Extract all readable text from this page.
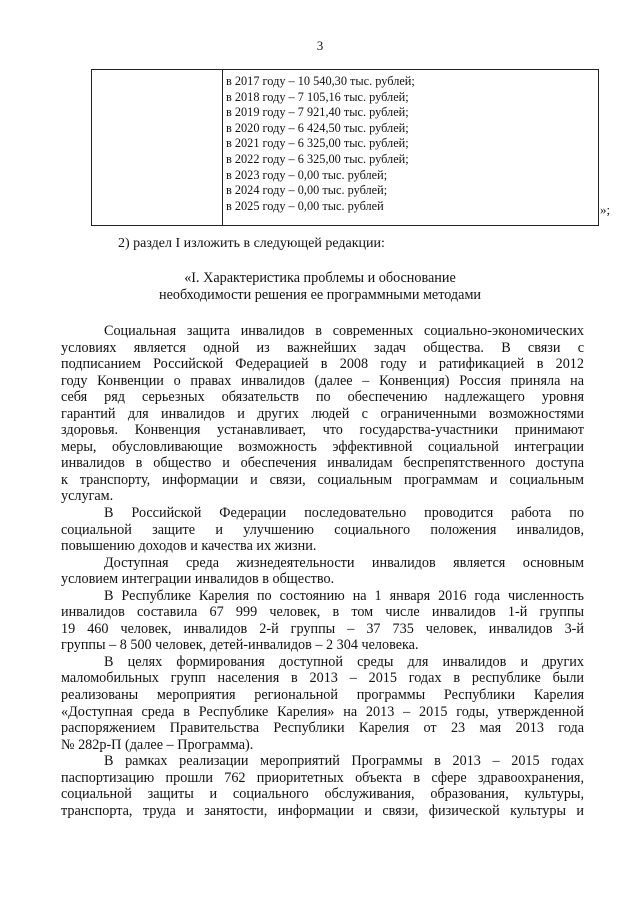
3
в 2017 году – 10 540,30 тыс. рублей;
в 2018 году – 7 105,16 тыс. рублей;
в 2019 году – 7 921,40 тыс. рублей;
в 2020 году – 6 424,50 тыс. рублей;
в 2021 году – 6 325,00 тыс. рублей;
в 2022 году – 6 325,00 тыс. рублей;
в 2023 году – 0,00 тыс. рублей;
в 2024 году – 0,00 тыс. рублей;
в 2025 году – 0,00 тыс. рублей	»;
2) раздел I изложить в следующей редакции:
«I. Характеристика проблемы и обоснование
необходимости решения ее программными методами

Социальная защита инвалидов в современных социально-экономических

условиях является одной из важнейших задач общества. В связи с

подписанием Российской Федерацией в 2008 году и ратификацией в 2012

году Конвенции о правах инвалидов (далее – Конвенция) Россия приняла на

себя ряд серьезных обязательств по обеспечению надлежащего уровня

гарантий для инвалидов и других людей с ограниченными возможностями

здоровья. Конвенция устанавливает, что государства-участники принимают

меры, обусловливающие возможность эффективной социальной интеграции

инвалидов в общество и обеспечения инвалидам беспрепятственного доступа

к транспорту, информации и связи, социальным программам и социальным

услугам.

В Российской Федерации последовательно проводится работа по

социальной защите и улучшению социального положения инвалидов,

повышению доходов и качества их жизни.

Доступная среда жизнедеятельности инвалидов является основным

условием интеграции инвалидов в общество.

В Республике Карелия по состоянию на 1 января 2016 года численность

инвалидов составила 67 999 человек, в том числе инвалидов 1-й группы

19 460 человек, инвалидов 2-й группы – 37 735 человек, инвалидов 3-й

группы – 8 500 человек, детей-инвалидов – 2 304 человека.

В целях формирования доступной среды для инвалидов и других

маломобильных групп населения в 2013 – 2015 годах в республике были

реализованы мероприятия региональной программы Республики Карелия

«Доступная среда в Республике Карелия» на 2013 – 2015 годы, утвержденной

распоряжением Правительства Республики Карелия от 23 мая 2013 года

№ 282р-П (далее – Программа).

В рамках реализации мероприятий Программы в 2013 – 2015 годах

паспортизацию прошли 762 приоритетных объекта в сфере здравоохранения,

социальной защиты и социального обслуживания, образования, культуры,

транспорта, труда и занятости, информации и связи, физической культуры и
